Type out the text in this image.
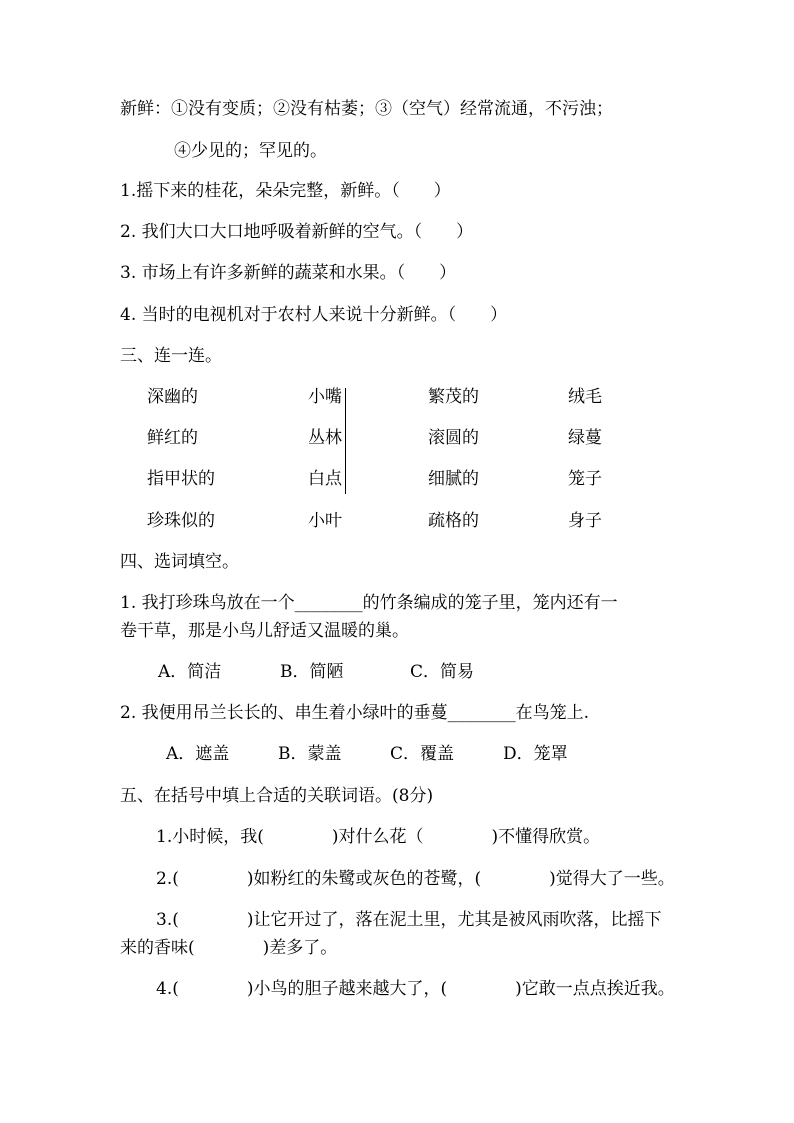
新鲜：①没有变质；②没有枯萎；③（空气）经常流通，不污浊；
④少见的；罕见的。
1.摇下来的桂花，朵朵完整，新鲜。（　　）
2. 我们大口大口地呼吸着新鲜的空气。（　　）
3. 市场上有许多新鲜的蔬菜和水果。（　　）
4. 当时的电视机对于农村人来说十分新鲜。（　　）
三、连一连。
深幽的	小嘴	繁茂的	绒毛
鲜红的	丛林	滚圆的	绿蔓
指甲状的	白点	细腻的	笼子
珍珠似的	小叶	疏格的	身子
四、选词填空。
1. 我打珍珠鸟放在一个________的竹条编成的笼子里，笼内还有一
卷干草，那是小鸟儿舒适又温暖的巢。
A．简洁	B．简陋	C．简易
2. 我便用吊兰长长的、串生着小绿叶的垂蔓________在鸟笼上.
A．遮盖	B．蒙盖	C．覆盖	D．笼罩
五、在括号中填上合适的关联词语。(8分)
1.小时候，我(　　　　)对什么花（　　　　)不懂得欣赏。
2.(　　　　)如粉红的朱鹭或灰色的苍鹭，(　　　　)觉得大了一些。
3.(　　　　)让它开过了，落在泥土里，尤其是被风雨吹落，比摇下
来的香味(　　　　)差多了。
4.(　　　　)小鸟的胆子越来越大了，(　　　　)它敢一点点挨近我。
